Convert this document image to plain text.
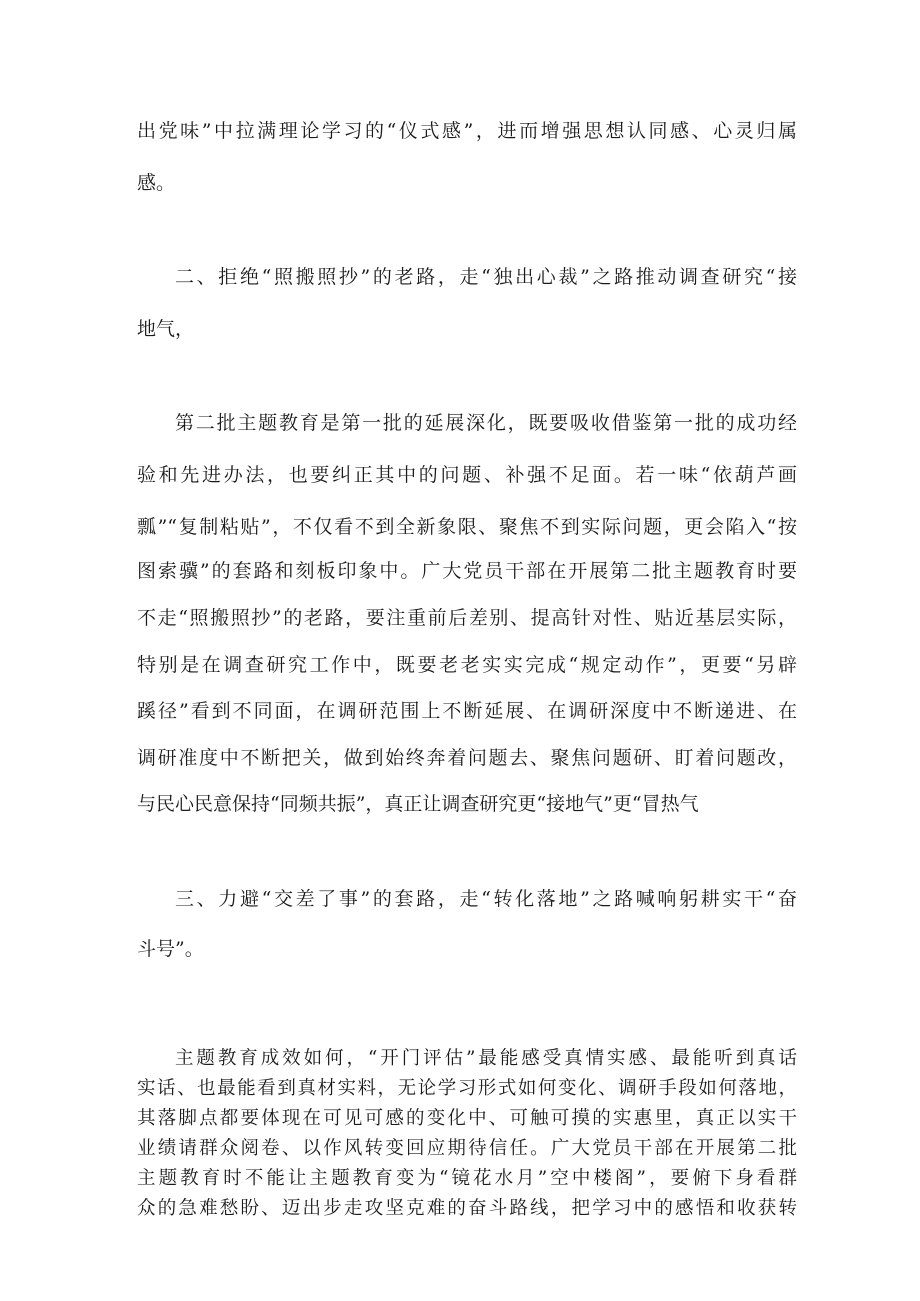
出党味”中拉满理论学习的“仪式感”，进而增强思想认同感、心灵归属
感。
二、拒绝“照搬照抄”的老路，走“独出心裁”之路推动调查研究“接
地气，
第二批主题教育是第一批的延展深化，既要吸收借鉴第一批的成功经
验和先进办法，也要纠正其中的问题、补强不足面。若一味“依葫芦画
瓢”“复制粘贴”，不仅看不到全新象限、聚焦不到实际问题，更会陷入“按
图索骥”的套路和刻板印象中。广大党员干部在开展第二批主题教育时要
不走“照搬照抄”的老路，要注重前后差别、提高针对性、贴近基层实际，
特别是在调查研究工作中，既要老老实实完成“规定动作”，更要“另辟
蹊径”看到不同面，在调研范围上不断延展、在调研深度中不断递进、在
调研准度中不断把关，做到始终奔着问题去、聚焦问题研、盯着问题改，
与民心民意保持“同频共振”，真正让调查研究更“接地气”更“冒热气
三、力避“交差了事”的套路，走“转化落地”之路喊响躬耕实干“奋
斗号”。
主题教育成效如何，“开门评估”最能感受真情实感、最能听到真话
实话、也最能看到真材实料，无论学习形式如何变化、调研手段如何落地，
其落脚点都要体现在可见可感的变化中、可触可摸的实惠里，真正以实干
业绩请群众阅卷、以作风转变回应期待信任。广大党员干部在开展第二批
主题教育时不能让主题教育变为“镜花水月”空中楼阁”，要俯下身看群
众的急难愁盼、迈出步走攻坚克难的奋斗路线，把学习中的感悟和收获转
